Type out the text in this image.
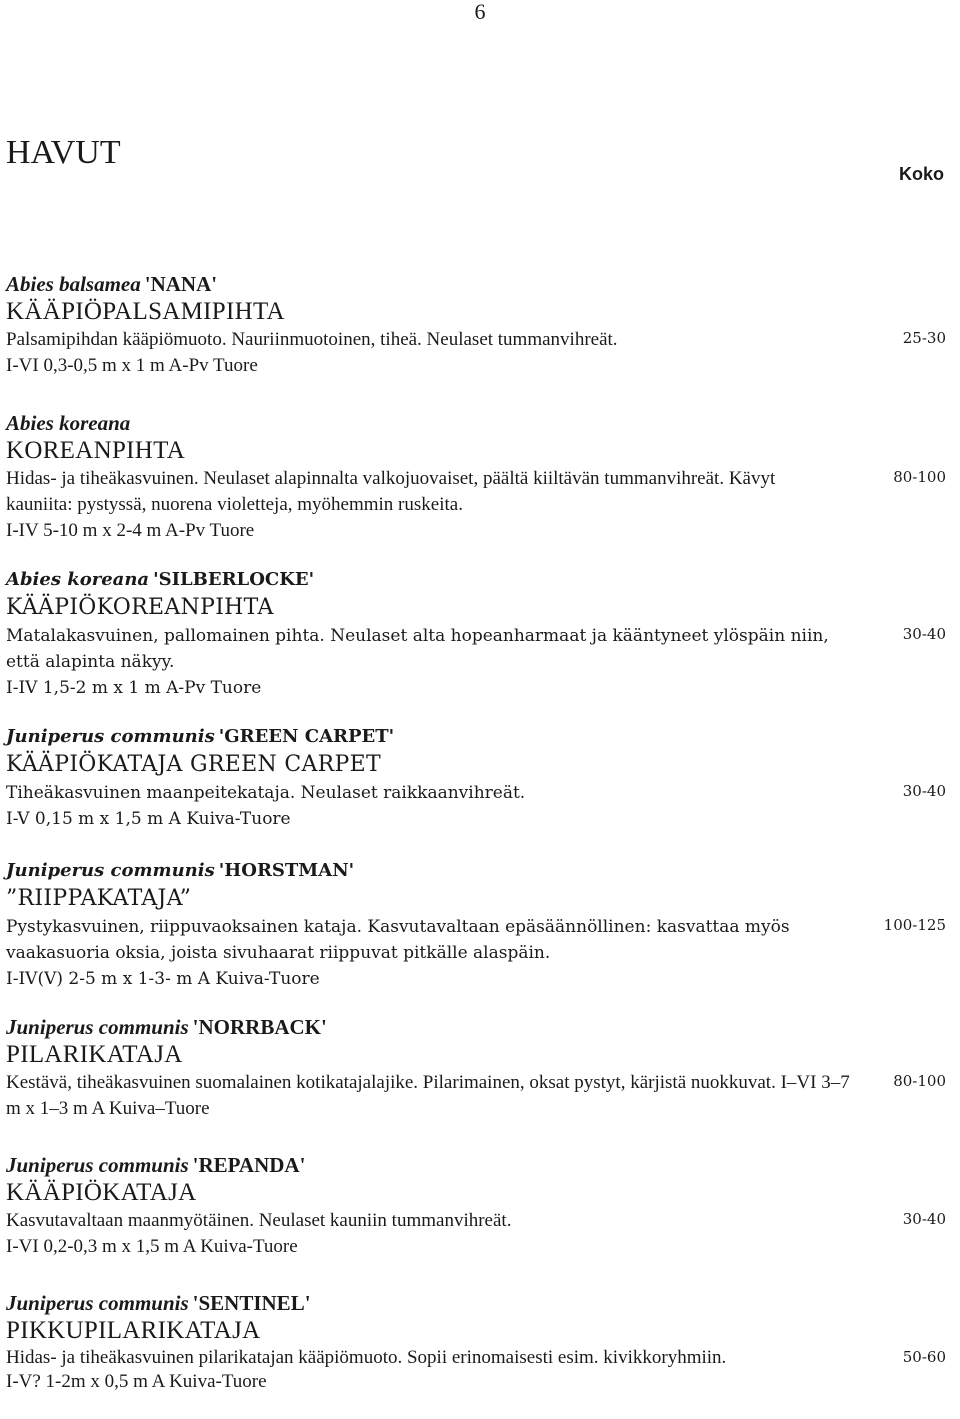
6
HAVUT
Koko
Abies balsamea 'NANA'
KÄÄPIÖPALSAMIPIHTA
Palsamipihdan kääpiömuoto. Nauriinmuotoinen, tiheä. Neulaset tummanvihreät.
I-VI 0,3-0,5 m x 1 m A-Pv Tuore
25-30
Abies koreana
KOREANPIHTA
Hidas- ja tiheäkasvuinen. Neulaset alapinnalta valkojuovaiset, päältä kiiltävän tummanvihreät. Kävyt kauniita: pystyssä, nuorena violetteja, myöhemmin ruskeita.
I-IV 5-10 m x 2-4 m A-Pv Tuore
80-100
Abies koreana 'SILBERLOCKE'
KÄÄPIÖKOREANPIHTA
Matalakasvuinen, pallomainen pihta. Neulaset alta hopeanharmaat ja kääntyneet ylöspäin niin, että alapinta näkyy.
I-IV 1,5-2 m x 1 m A-Pv Tuore
30-40
Juniperus communis 'GREEN CARPET'
KÄÄPIÖKATAJA GREEN CARPET
Tiheäkasvuinen maanpeitekataja. Neulaset raikkaanvihreät.
I-V 0,15 m x 1,5 m A Kuiva-Tuore
30-40
Juniperus communis 'HORSTMAN'
”RIIPPAKATAJA”
Pystykasvuinen, riippuvaoksainen kataja. Kasvutavaltaan epäsäännöllinen: kasvattaa myös vaakasuoria oksia, joista sivuhaarat riippuvat pitkälle alaspäin.
I-IV(V) 2-5 m x 1-3- m A Kuiva-Tuore
100-125
Juniperus communis 'NORRBACK'
PILARIKATAJA
Kestävä, tiheäkasvuinen suomalainen kotikatajalajike. Pilarimainen, oksat pystyt, kärjistä nuokkuvat. I–VI 3–7 m x 1–3 m A Kuiva–Tuore
80-100
Juniperus communis 'REPANDA'
KÄÄPIÖKATAJA
Kasvutavaltaan maanmyötäinen. Neulaset kauniin tummanvihreät.
I-VI 0,2-0,3 m x 1,5 m A Kuiva-Tuore
30-40
Juniperus communis 'SENTINEL'
PIKKUPILARIKATAJA
Hidas- ja tiheäkasvuinen pilarikatajan kääpiömuoto. Sopii erinomaisesti esim. kivikkoryhmiin.
I-V? 1-2m x 0,5 m A Kuiva-Tuore
50-60
